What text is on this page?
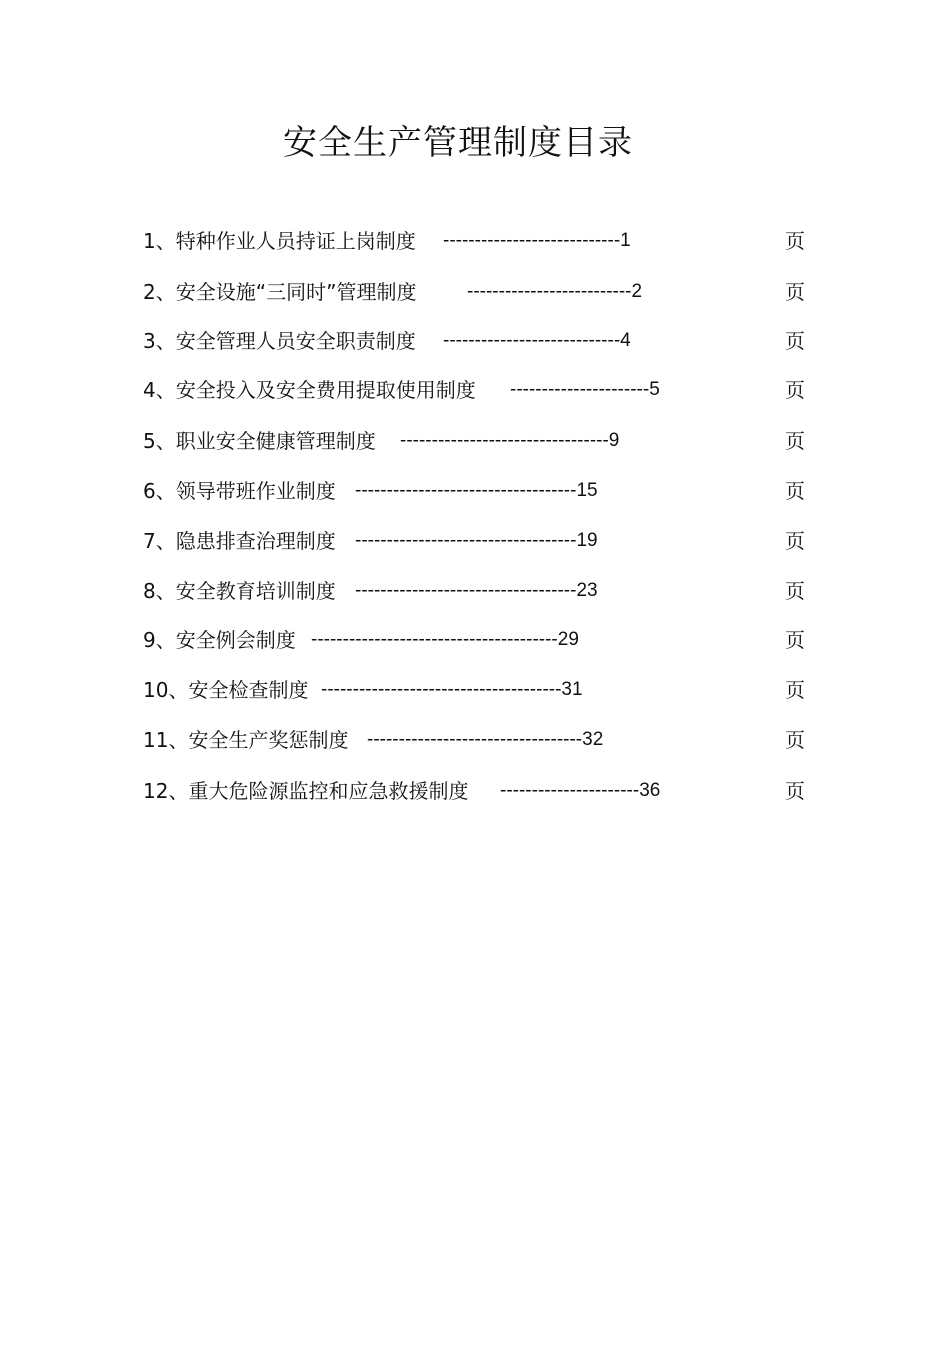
安全生产管理制度目录
1、特种作业人员持证上岗制度 ----------------------------1	页
2、安全设施“三同时”管理制度	--------------------------2	页
3、安全管理人员安全职责制度 ----------------------------4	页
4、安全投入及安全费用提取使用制度 ----------------------5	页
5、职业安全健康管理制度 ---------------------------------9	页
6、领导带班作业制度 -----------------------------------15	页
7、隐患排查治理制度 -----------------------------------19	页
8、安全教育培训制度 -----------------------------------23	页
9、安全例会制度 ---------------------------------------29	页
10、安全检查制度 --------------------------------------31	页
11、安全生产奖惩制度 ----------------------------------32	页
12、重大危险源监控和应急救援制度 ----------------------36	页
